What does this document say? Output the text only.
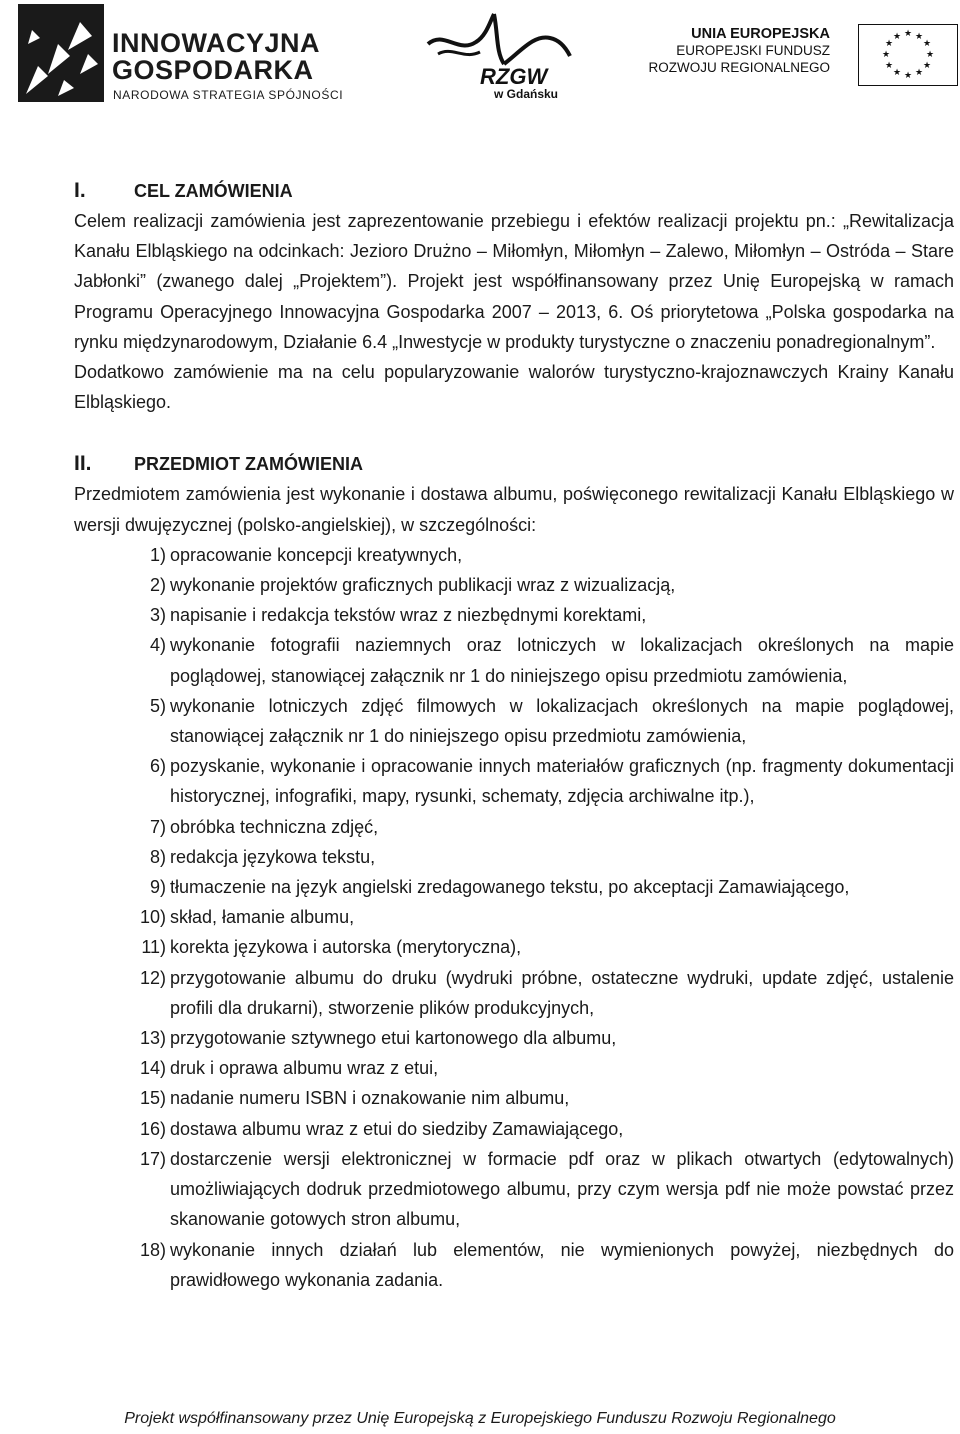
INNOWACYJNA
GOSPODARKA
NARODOWA STRATEGIA SPÓJNOŚCI
RZGW
w Gdańsku
UNIA EUROPEJSKA
EUROPEJSKI FUNDUSZ
ROZWOJU REGIONALNEGO
★ ★
★
★
★
★
★
★
★
★
★
★
I.	CEL ZAMÓWIENIA

Celem realizacji zamówienia jest zaprezentowanie przebiegu i efektów realizacji projektu pn.: „Rewitalizacja Kanału Elbląskiego na odcinkach: Jezioro Drużno – Miłomłyn, Miłomłyn – Zalewo, Miłomłyn – Ostróda – Stare Jabłonki” (zwanego dalej „Projektem”). Projekt jest współfinansowany przez Unię Europejską w ramach Programu Operacyjnego Innowacyjna Gospodarka 2007 – 2013, 6. Oś priorytetowa „Polska gospodarka na rynku międzynarodowym, Działanie 6.4 „Inwestycje w produkty turystyczne o znaczeniu ponadregionalnym”.

Dodatkowo zamówienie ma na celu popularyzowanie walorów turystyczno-krajoznawczych Krainy Kanału Elbląskiego.

II.	PRZEDMIOT ZAMÓWIENIA

Przedmiotem zamówienia jest wykonanie i dostawa albumu, poświęconego rewitalizacji Kanału Elbląskiego w wersji dwujęzycznej (polsko-angielskiej), w szczególności:

1) opracowanie koncepcji kreatywnych,
2) wykonanie projektów graficznych publikacji wraz z wizualizacją,
3) napisanie i redakcja tekstów wraz z niezbędnymi korektami,
4) wykonanie fotografii naziemnych oraz lotniczych w lokalizacjach określonych na mapie poglądowej, stanowiącej załącznik nr 1 do niniejszego opisu przedmiotu zamówienia,
5) wykonanie lotniczych zdjęć filmowych w lokalizacjach określonych na mapie poglądowej, stanowiącej załącznik nr 1 do niniejszego opisu przedmiotu zamówienia,
6) pozyskanie, wykonanie i opracowanie innych materiałów graficznych (np. fragmenty dokumentacji historycznej, infografiki, mapy, rysunki, schematy, zdjęcia archiwalne itp.),
7) obróbka techniczna zdjęć,
8) redakcja językowa tekstu,
9) tłumaczenie na język angielski zredagowanego tekstu, po akceptacji Zamawiającego,
10) skład, łamanie albumu,
11) korekta językowa i autorska (merytoryczna),
12) przygotowanie albumu do druku (wydruki próbne, ostateczne wydruki, update zdjęć, ustalenie profili dla drukarni), stworzenie plików produkcyjnych,
13) przygotowanie sztywnego etui kartonowego dla albumu,
14) druk i oprawa albumu wraz z etui,
15) nadanie numeru ISBN i oznakowanie nim albumu,
16) dostawa albumu wraz z etui do siedziby Zamawiającego,
17) dostarczenie wersji elektronicznej w formacie pdf oraz w plikach otwartych (edytowalnych) umożliwiających dodruk przedmiotowego albumu, przy czym wersja pdf nie może powstać przez skanowanie gotowych stron albumu,
18) wykonanie innych działań lub elementów, nie wymienionych powyżej, niezbędnych do prawidłowego wykonania zadania.
Projekt współfinansowany przez Unię Europejską z Europejskiego Funduszu Rozwoju Regionalnego
